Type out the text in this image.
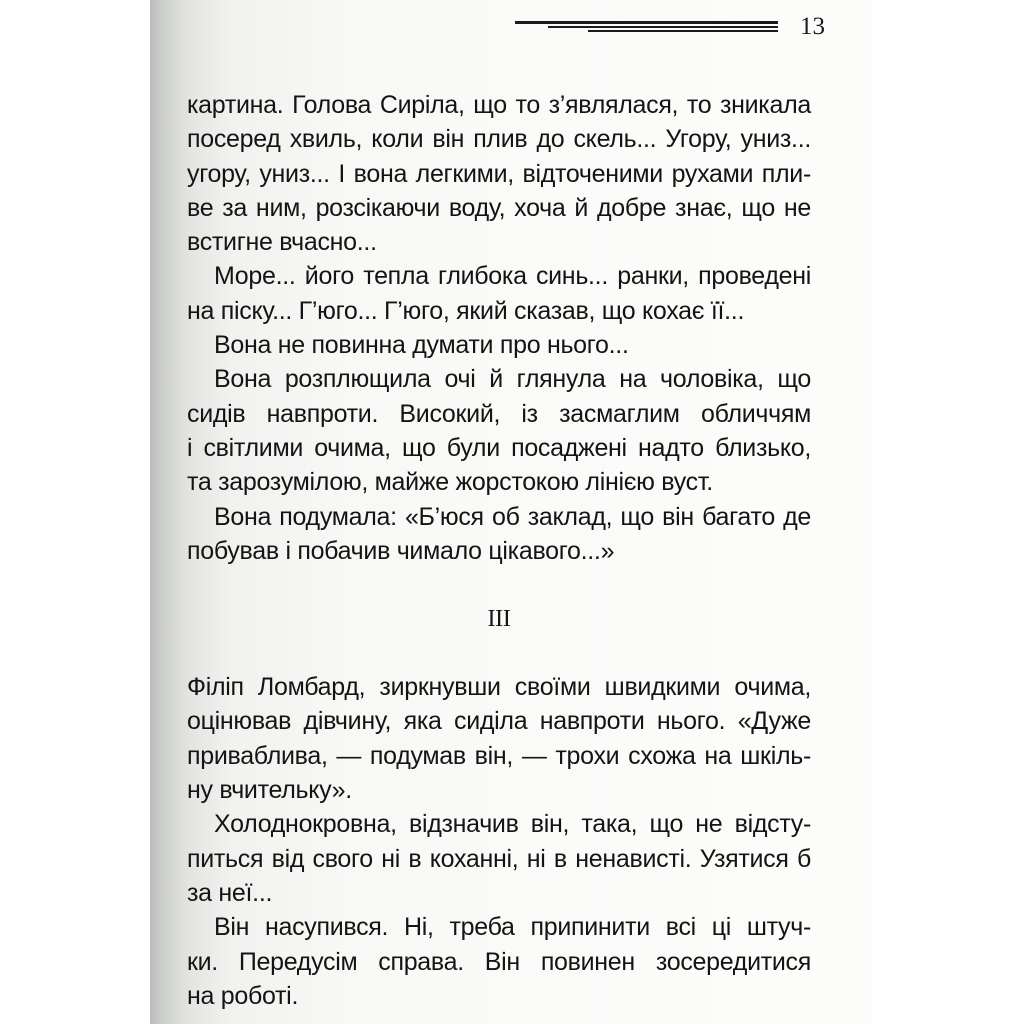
13

картина. Голова Сиріла, що то з’являлася, то зникала
посеред хвиль, коли він плив до скель... Угору, униз...
угору, униз... І вона легкими, відточеними рухами пли-
ве за ним, розсікаючи воду, хоча й добре знає, що не
встигне вчасно...

Море... його тепла глибока синь... ранки, проведені
на піску... Г’юго... Г’юго, який сказав, що кохає її...

Вона не повинна думати про нього...

Вона розплющила очі й глянула на чоловіка, що
сидів навпроти. Високий, із засмаглим обличчям
і світлими очима, що були посаджені надто близько,
та зарозумілою, майже жорстокою лінією вуст.

Вона подумала: «Б’юся об заклад, що він багато де
побував і побачив чимало цікавого...»

III

Філіп Ломбард, зиркнувши своїми швидкими очима,
оцінював дівчину, яка сиділа навпроти нього. «Дуже
приваблива, — подумав він, — трохи схожа на шкіль-
ну вчительку».

Холоднокровна, відзначив він, така, що не відсту-
питься від свого ні в коханні, ні в ненависті. Узятися б
за неї...

Він насупився. Ні, треба припинити всі ці штуч-
ки. Передусім справа. Він повинен зосередитися
на роботі.
